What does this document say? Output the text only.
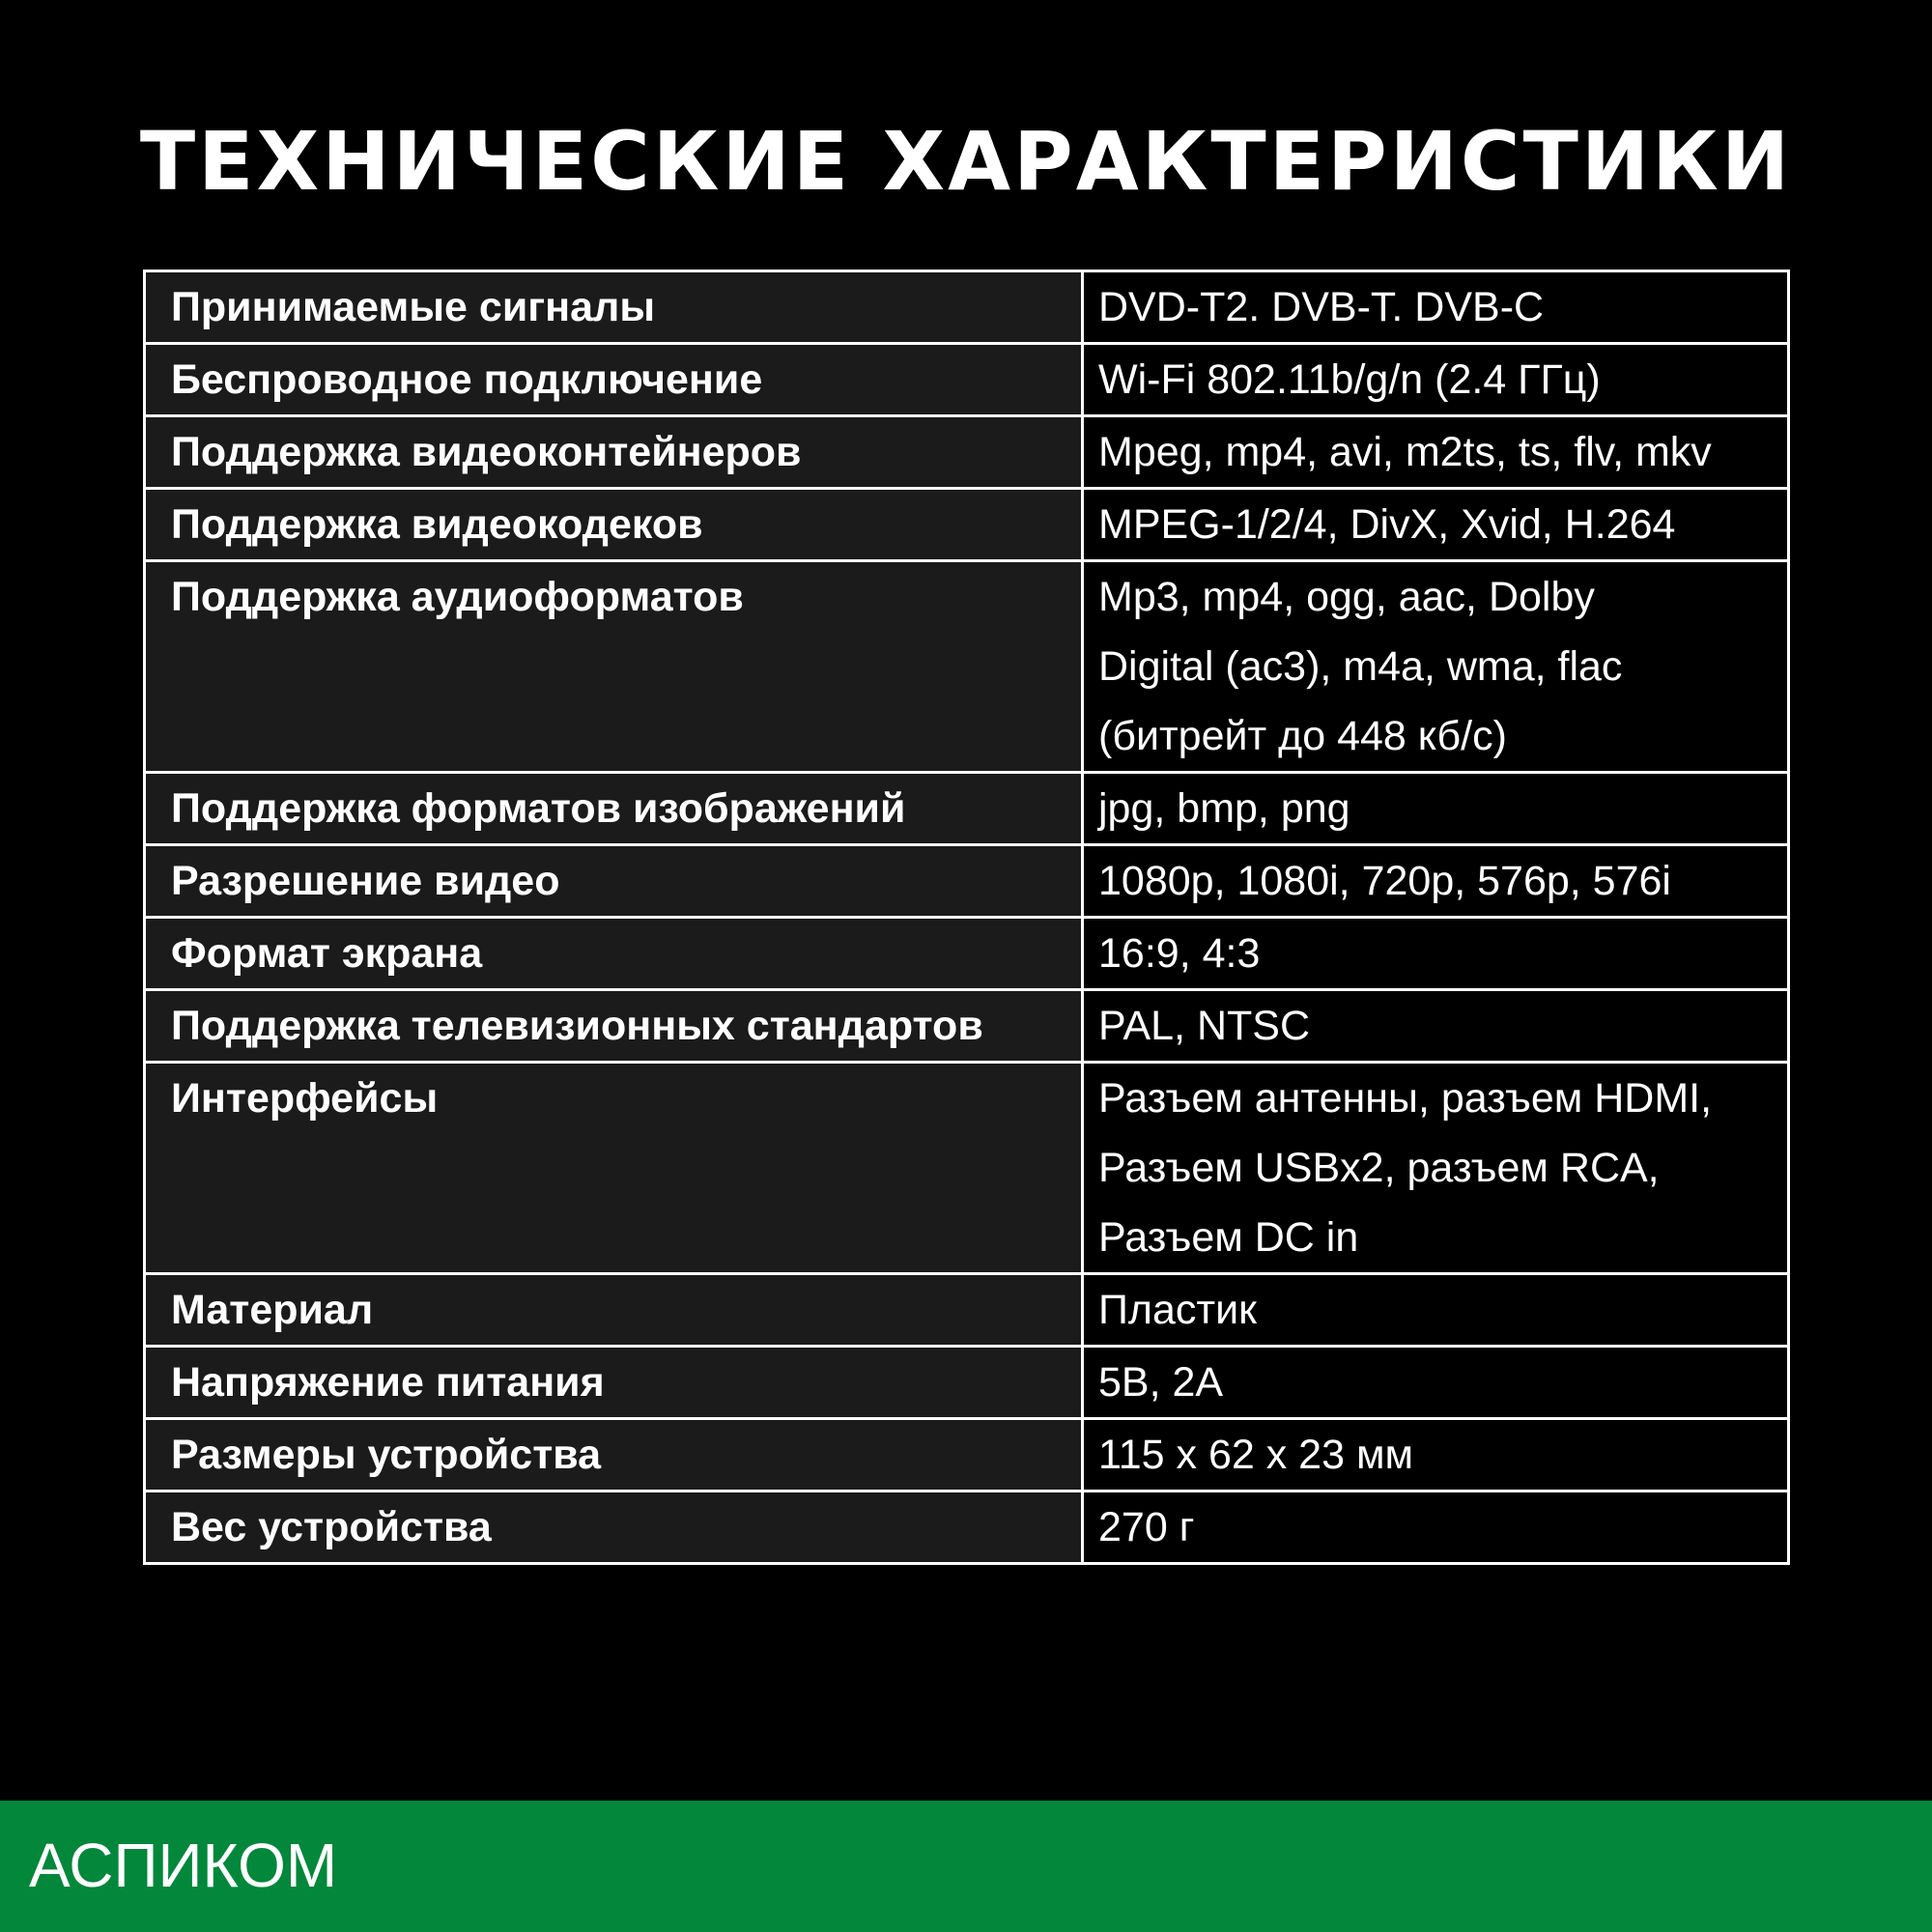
ТЕХНИЧЕСКИЕ ХАРАКТЕРИСТИКИ
Принимаемые сигналы	DVD-T2. DVB-T. DVB-C

Беспроводное подключение	Wi-Fi 802.11b/g/n (2.4 ГГц)

Поддержка видеоконтейнеров	Mpeg, mp4, avi, m2ts, ts, flv, mkv

Поддержка видеокодеков	MPEG-1/2/4, DivX, Xvid, H.264

Поддержка аудиоформатов	Mp3, mp4, ogg, aac, Dolby
Digital (ac3), m4a, wma, flac
(битрейт до 448 кб/с)

Поддержка форматов изображений	jpg, bmp, png

Разрешение видео	1080p, 1080i, 720p, 576p, 576i

Формат экрана	16:9, 4:3

Поддержка телевизионных стандартов	PAL, NTSC

Интерфейсы	Разъем антенны, разъем HDMI,
Разъем USBx2, разъем RCA,
Разъем DC in

Материал	Пластик

Напряжение питания	5В, 2А

Размеры устройства	115 x 62 x 23 мм

Вес устройства	270 г
АСПИКОМ
